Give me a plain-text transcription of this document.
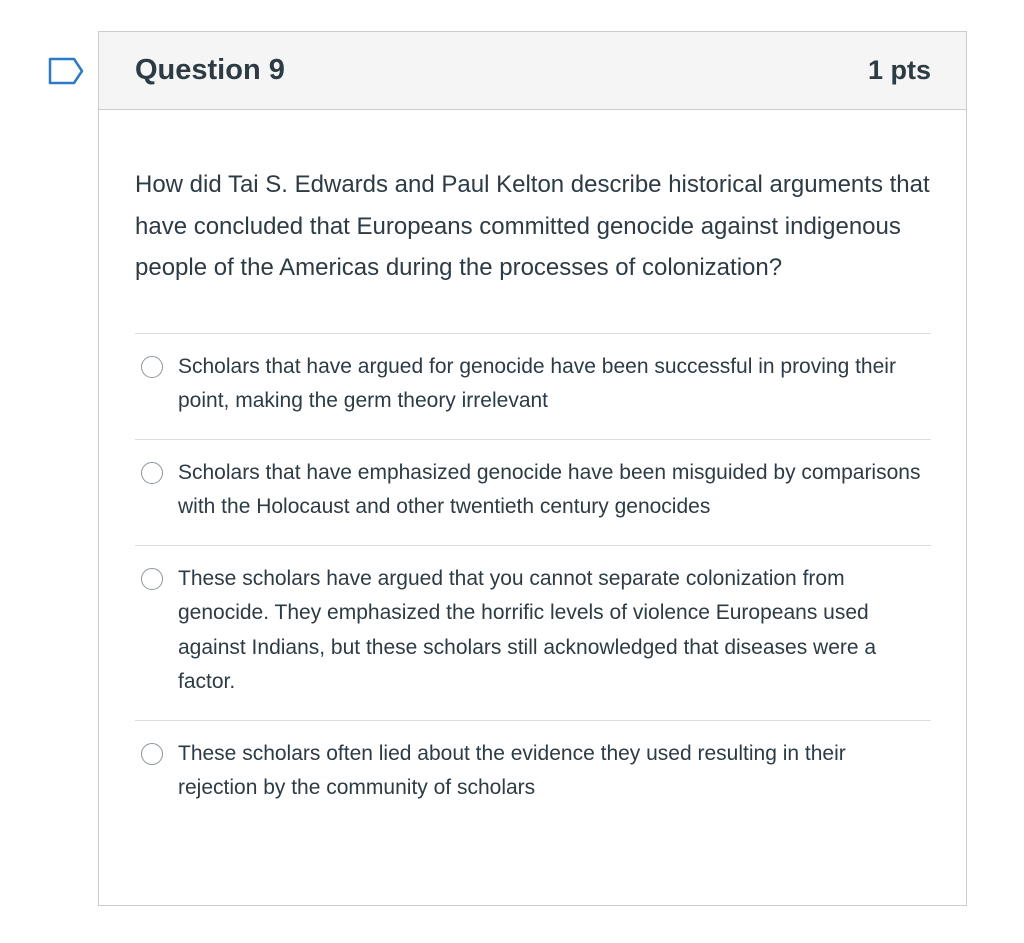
Question 9	1 pts

How did Tai S. Edwards and Paul Kelton describe historical arguments that have concluded that Europeans committed genocide against indigenous people of the Americas during the processes of colonization?

Scholars that have argued for genocide have been successful in proving their point, making the germ theory irrelevant
Scholars that have emphasized genocide have been misguided by comparisons with the Holocaust and other twentieth century genocides
These scholars have argued that you cannot separate colonization from genocide. They emphasized the horrific levels of violence Europeans used against Indians, but these scholars still acknowledged that diseases were a factor.
These scholars often lied about the evidence they used resulting in their rejection by the community of scholars
